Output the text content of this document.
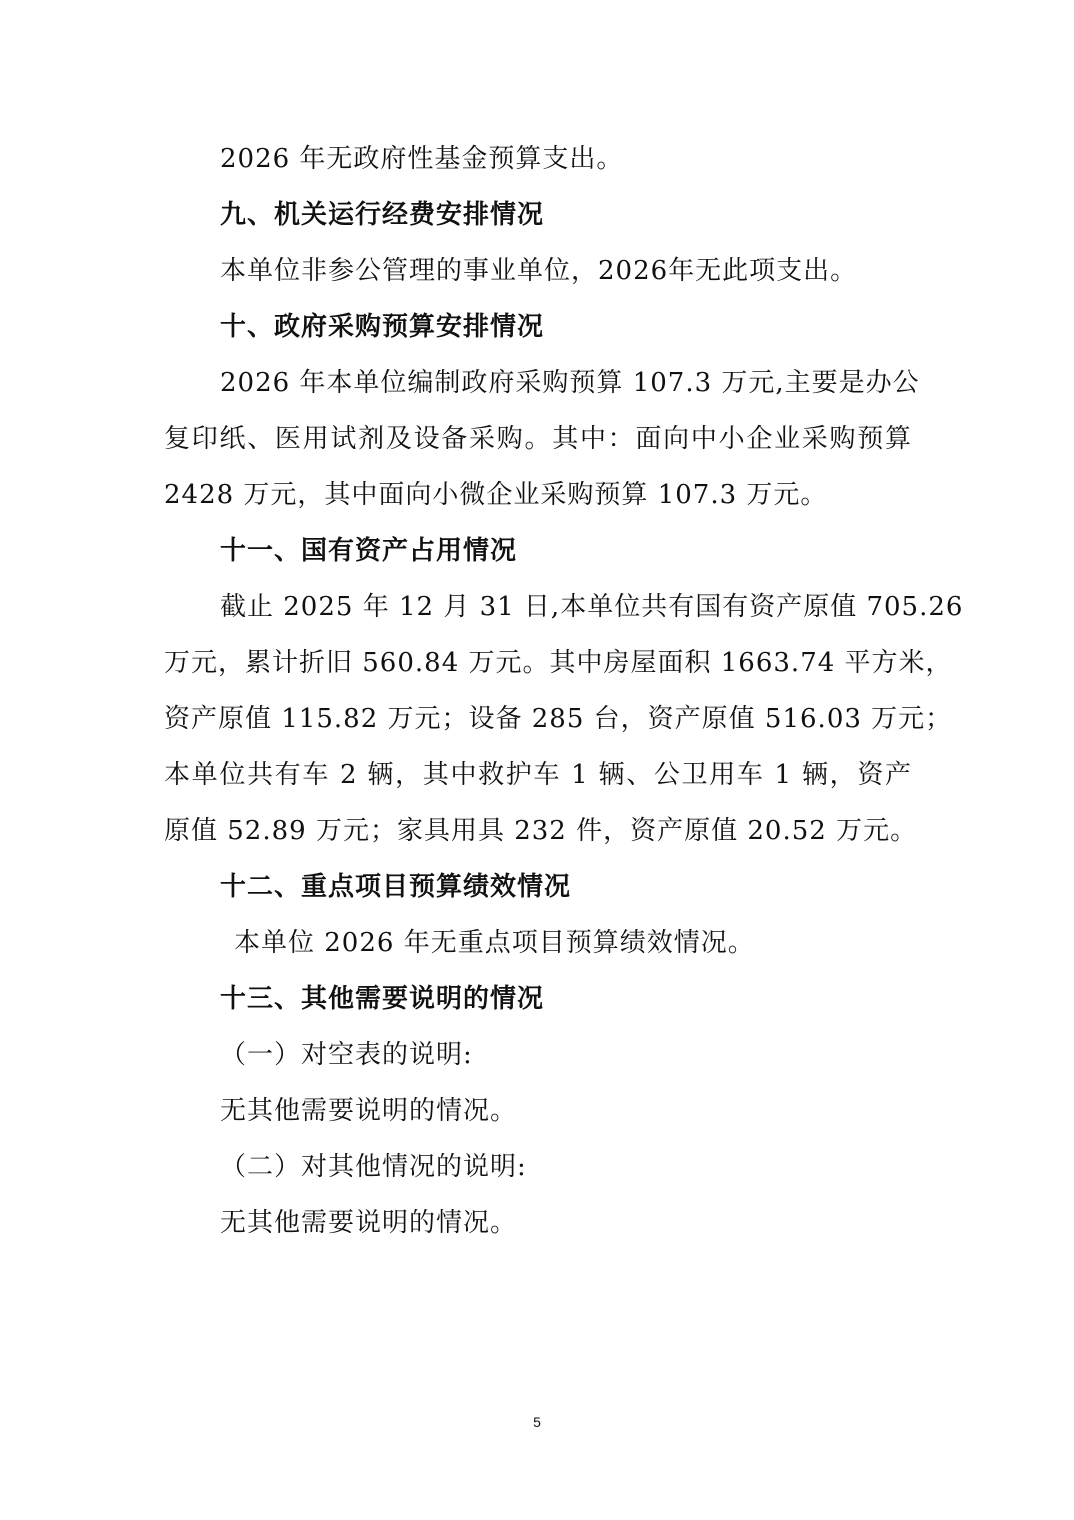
2026 年无政府性基金预算支出。
九、机关运行经费安排情况
本单位非参公管理的事业单位，2026年无此项支出。
十、政府采购预算安排情况
2026 年本单位编制政府采购预算 107.3 万元,主要是办公
复印纸、医用试剂及设备采购。其中：面向中小企业采购预算
2428 万元，其中面向小微企业采购预算 107.3 万元。
十一、国有资产占用情况
截止 2025 年 12 月 31 日,本单位共有国有资产原值 705.26
万元，累计折旧 560.84 万元。其中房屋面积 1663.74 平方米，
资产原值 115.82 万元；设备 285 台，资产原值 516.03 万元；
本单位共有车 2 辆，其中救护车 1 辆、公卫用车 1 辆，资产
原值 52.89 万元；家具用具 232 件，资产原值 20.52 万元。
十二、重点项目预算绩效情况
本单位 2026 年无重点项目预算绩效情况。
十三、其他需要说明的情况
（一）对空表的说明:
无其他需要说明的情况。
（二）对其他情况的说明:
无其他需要说明的情况。
5
